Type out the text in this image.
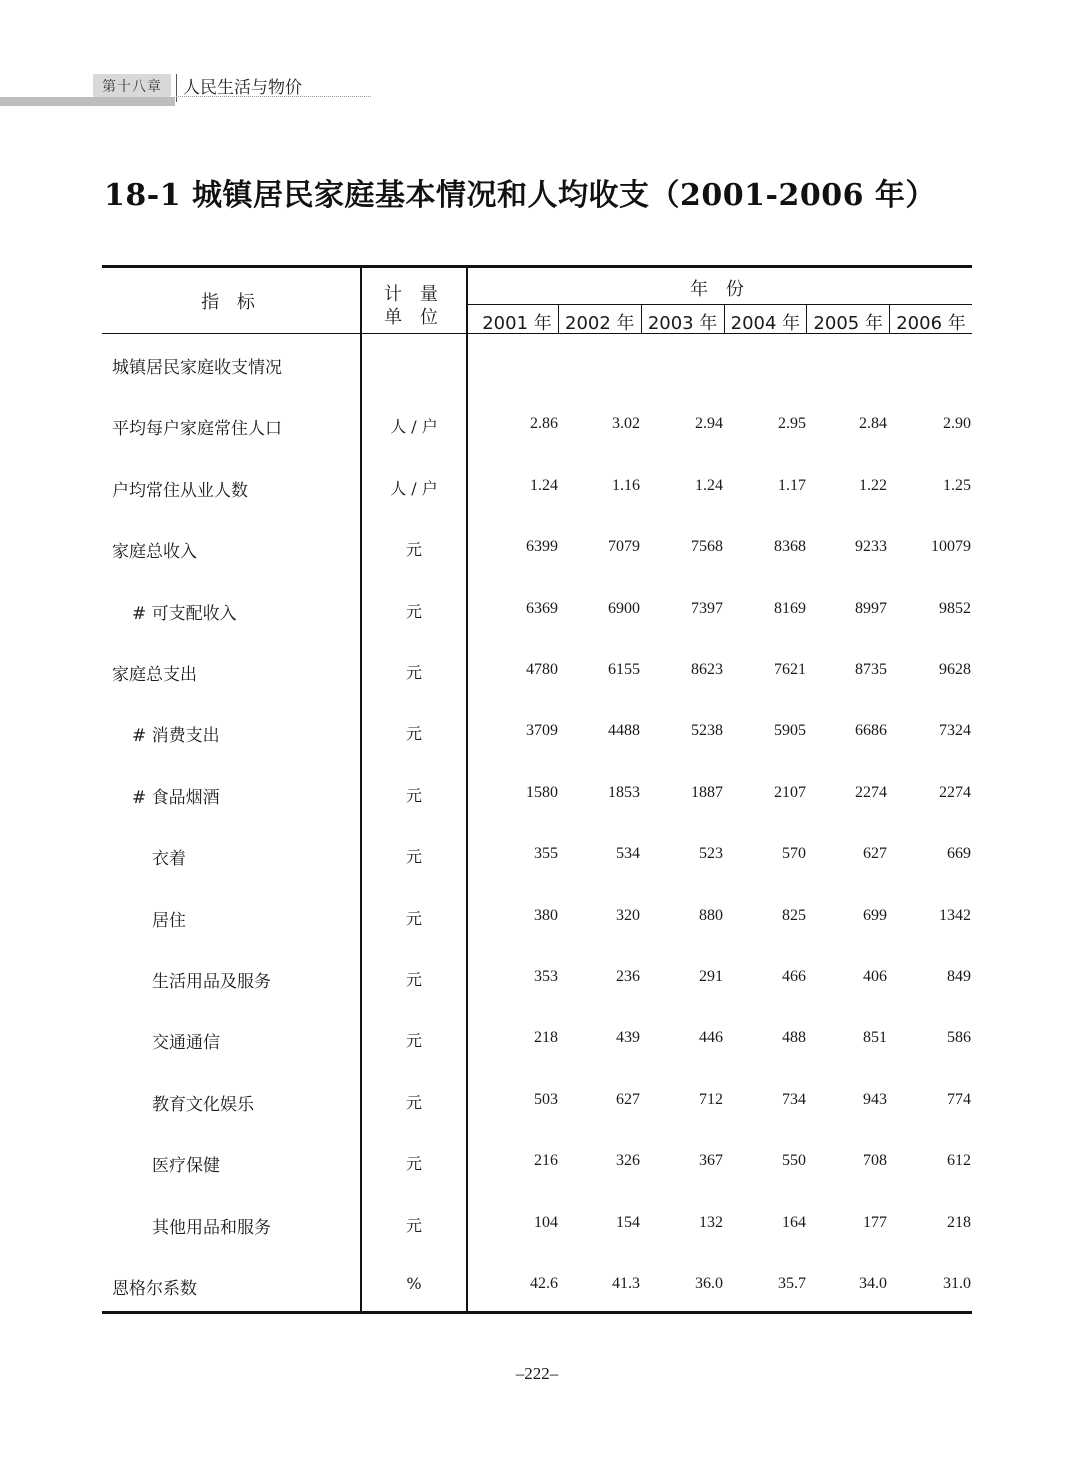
第十八章	人民生活与物价
18-1 城镇居民家庭基本情况和人均收支（2001-2006 年）
指 标	计 量
单 位
年 份
2001 年 2002 年 2003 年 2004 年 2005 年 2006 年
城镇居民家庭收支情况
平均每户家庭常住人口	人 / 户	2.86	3.02	2.94	2.95	2.84	2.90
户均常住从业人数	人 / 户	1.24	1.16	1.24	1.17	1.22	1.25
家庭总收入	元	6399	7079	7568	8368	9233	10079
# 可支配收入	元	6369	6900	7397	8169	8997	9852
家庭总支出	元	4780	6155	8623	7621	8735	9628
# 消费支出	元	3709	4488	5238	5905	6686	7324
# 食品烟酒	元	1580	1853	1887	2107	2274	2274
衣着	元	355	534	523	570	627	669
居住	元	380	320	880	825	699	1342
生活用品及服务	元	353	236	291	466	406	849
交通通信	元	218	439	446	488	851	586
教育文化娱乐	元	503	627	712	734	943	774
医疗保健	元	216	326	367	550	708	612
其他用品和服务	元	104	154	132	164	177	218
恩格尔系数	%	42.6	41.3	36.0	35.7	34.0	31.0
–222–
